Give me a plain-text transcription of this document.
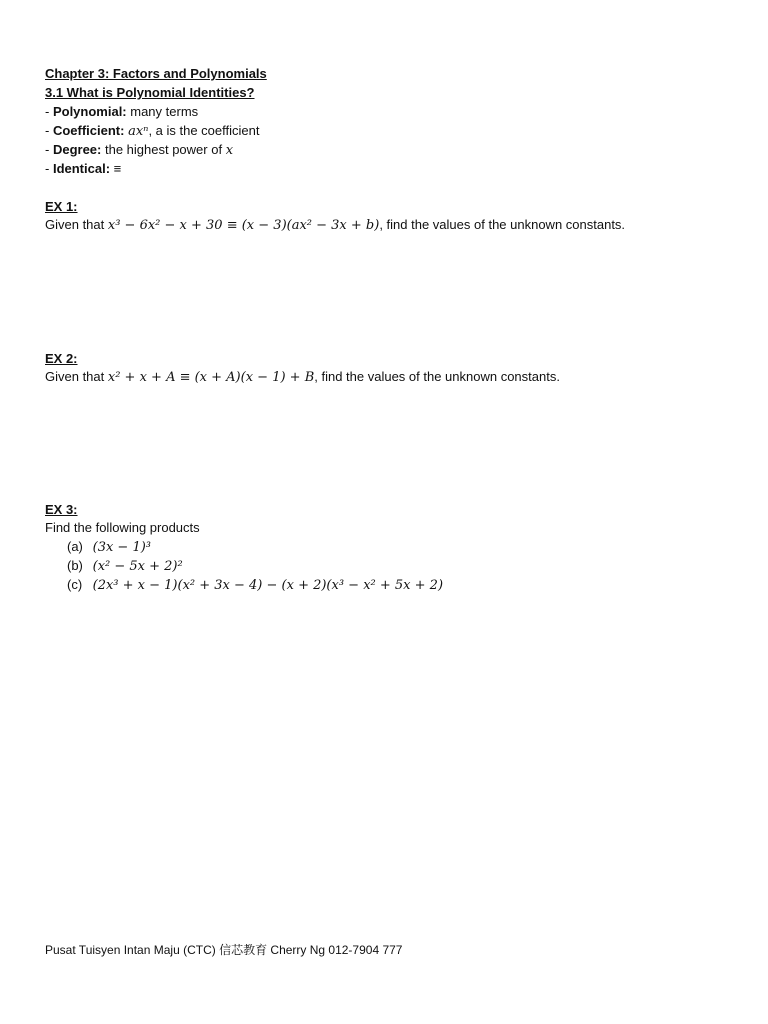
Chapter 3: Factors and Polynomials
3.1 What is Polynomial Identities?
- Polynomial: many terms
- Coefficient: axⁿ, a is the coefficient
- Degree: the highest power of x
- Identical: ≡
EX 1:
Given that x³ − 6x² − x + 30 ≡ (x − 3)(ax² − 3x + b), find the values of the unknown constants.
EX 2:
Given that x² + x + A ≡ (x + A)(x − 1) + B, find the values of the unknown constants.
EX 3:
Find the following products
(a) (3x − 1)³
(b) (x² − 5x + 2)²
(c) (2x³ + x − 1)(x² + 3x − 4) − (x + 2)(x³ − x² + 5x + 2)
Pusat Tuisyen Intan Maju (CTC) 信芯教育 Cherry Ng 012-7904 777
